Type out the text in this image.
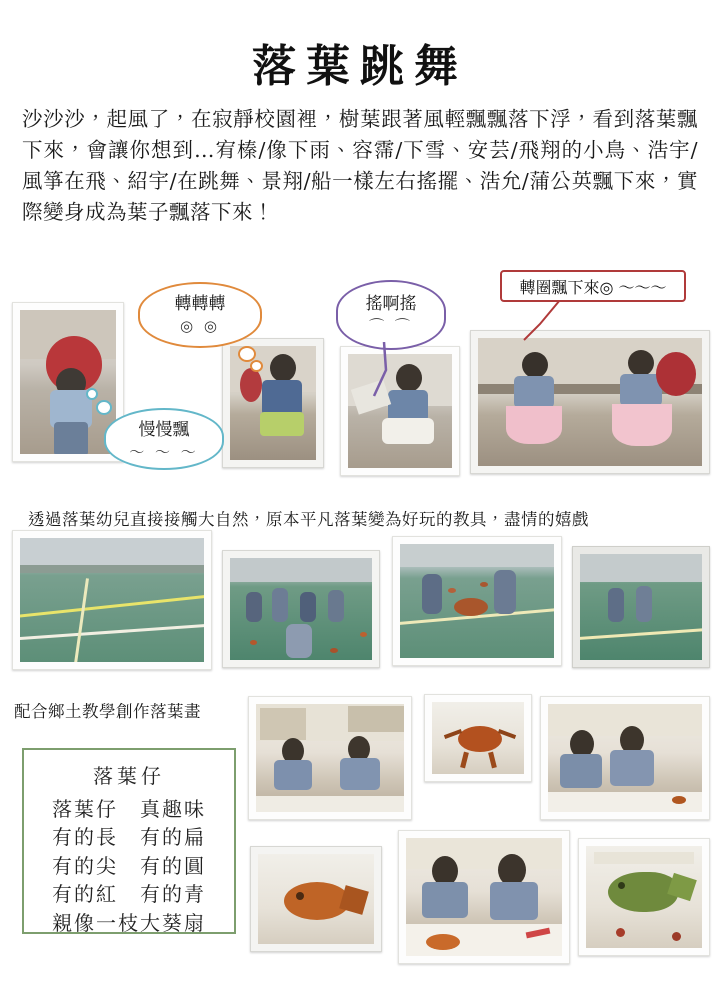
落葉跳舞

沙沙沙，起風了，在寂靜校園裡，樹葉跟著風輕飄飄落下浮，看到落葉飄下來，會讓你想到…宥榛/像下雨、容霈/下雪、安芸/飛翔的小鳥、浩宇/風箏在飛、紹宇/在跳舞、景翔/船一樣左右搖擺、浩允/蒲公英飄下來，實際變身成為葉子飄落下來！

轉轉轉
◎ ◎
搖啊搖
⌒ ⌒
轉圈飄下來◎ ～～～
慢慢飄
～ ～ ～
透過落葉幼兒直接接觸大自然，原本平凡落葉變為好玩的教具，盡情的嬉戲
配合鄉土教學創作落葉畫
落葉仔
落葉仔　真趣味
有的長　有的扁
有的尖　有的圓
有的紅　有的青
親像一枝大葵扇
